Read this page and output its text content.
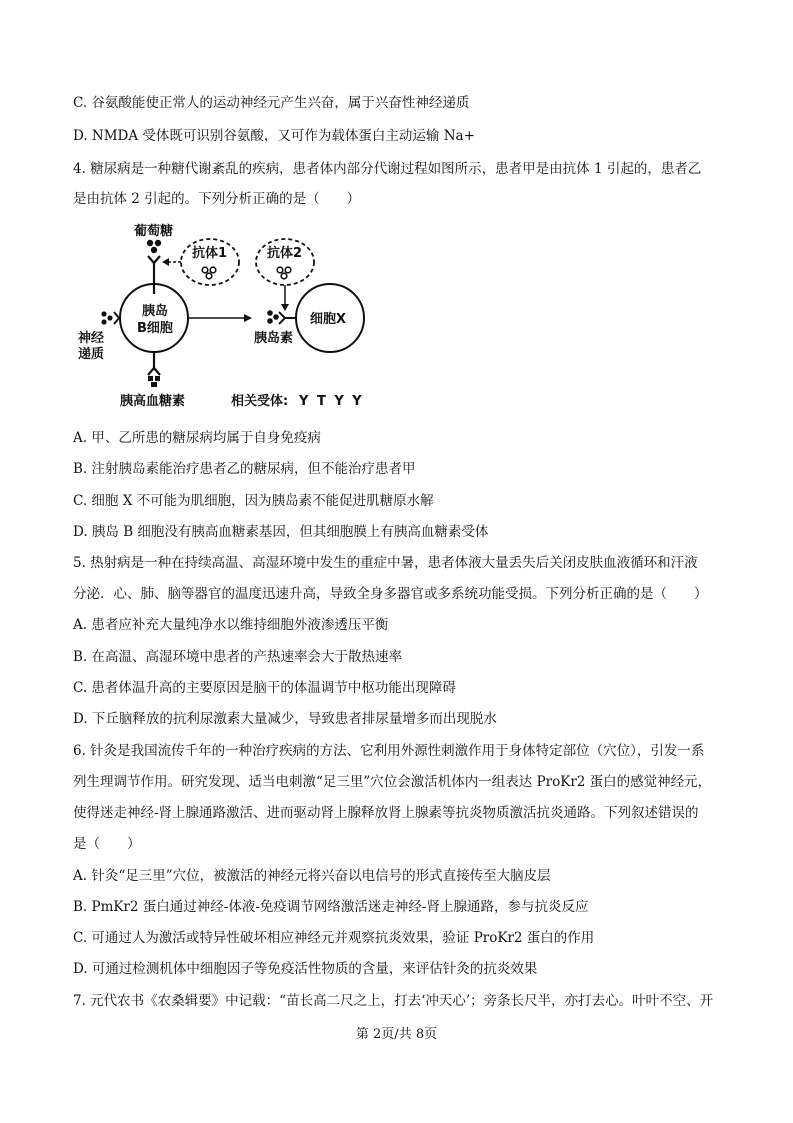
C. 谷氨酸能使正常人的运动神经元产生兴奋，属于兴奋性神经递质
D. NMDA 受体既可识别谷氨酸，又可作为载体蛋白主动运输 Na+
4. 糖尿病是一种糖代谢紊乱的疾病，患者体内部分代谢过程如图所示，患者甲是由抗体 1 引起的，患者乙
是由抗体 2 引起的。下列分析正确的是（　　）
葡萄糖
抗体1	抗体2
胰岛
B细胞
神经
递质
胰岛素
细胞X
胰高血糖素	相关受体: Y T Y Y
A. 甲、乙所患的糖尿病均属于自身免疫病
B. 注射胰岛素能治疗患者乙的糖尿病，但不能治疗患者甲
C. 细胞 X 不可能为肌细胞，因为胰岛素不能促进肌糖原水解
D. 胰岛 B 细胞没有胰高血糖素基因，但其细胞膜上有胰高血糖素受体
5. 热射病是一种在持续高温、高湿环境中发生的重症中暑，患者体液大量丢失后关闭皮肤血液循环和汗液
分泌．心、肺、脑等器官的温度迅速升高，导致全身多器官或多系统功能受损。下列分析正确的是（　　）
A. 患者应补充大量纯净水以维持细胞外液渗透压平衡
B. 在高温、高湿环境中患者的产热速率会大于散热速率
C. 患者体温升高的主要原因是脑干的体温调节中枢功能出现障碍
D. 下丘脑释放的抗利尿激素大量减少，导致患者排尿量增多而出现脱水
6. 针灸是我国流传千年的一种治疗疾病的方法、它利用外源性刺激作用于身体特定部位（穴位），引发一系
列生理调节作用。研究发现、适当电刺激“足三里”穴位会激活机体内一组表达 ProKr2 蛋白的感觉神经元，
使得迷走神经-肾上腺通路激活、进而驱动肾上腺释放肾上腺素等抗炎物质激活抗炎通路。下列叙述错误的
是（　　）
A. 针灸“足三里”穴位，被激活的神经元将兴奋以电信号的形式直接传至大脑皮层
B. PmKr2 蛋白通过神经-体液-免疫调节网络激活迷走神经-肾上腺通路，参与抗炎反应
C. 可通过人为激活或特异性破坏相应神经元并观察抗炎效果，验证 ProKr2 蛋白的作用
D. 可通过检测机体中细胞因子等免疫活性物质的含量，来评估针灸的抗炎效果
7. 元代农书《农桑辑要》中记载：“苗长高二尺之上，打去‘冲天心’；旁条长尺半，亦打去心。叶叶不空、开
第 2页/共 8页
